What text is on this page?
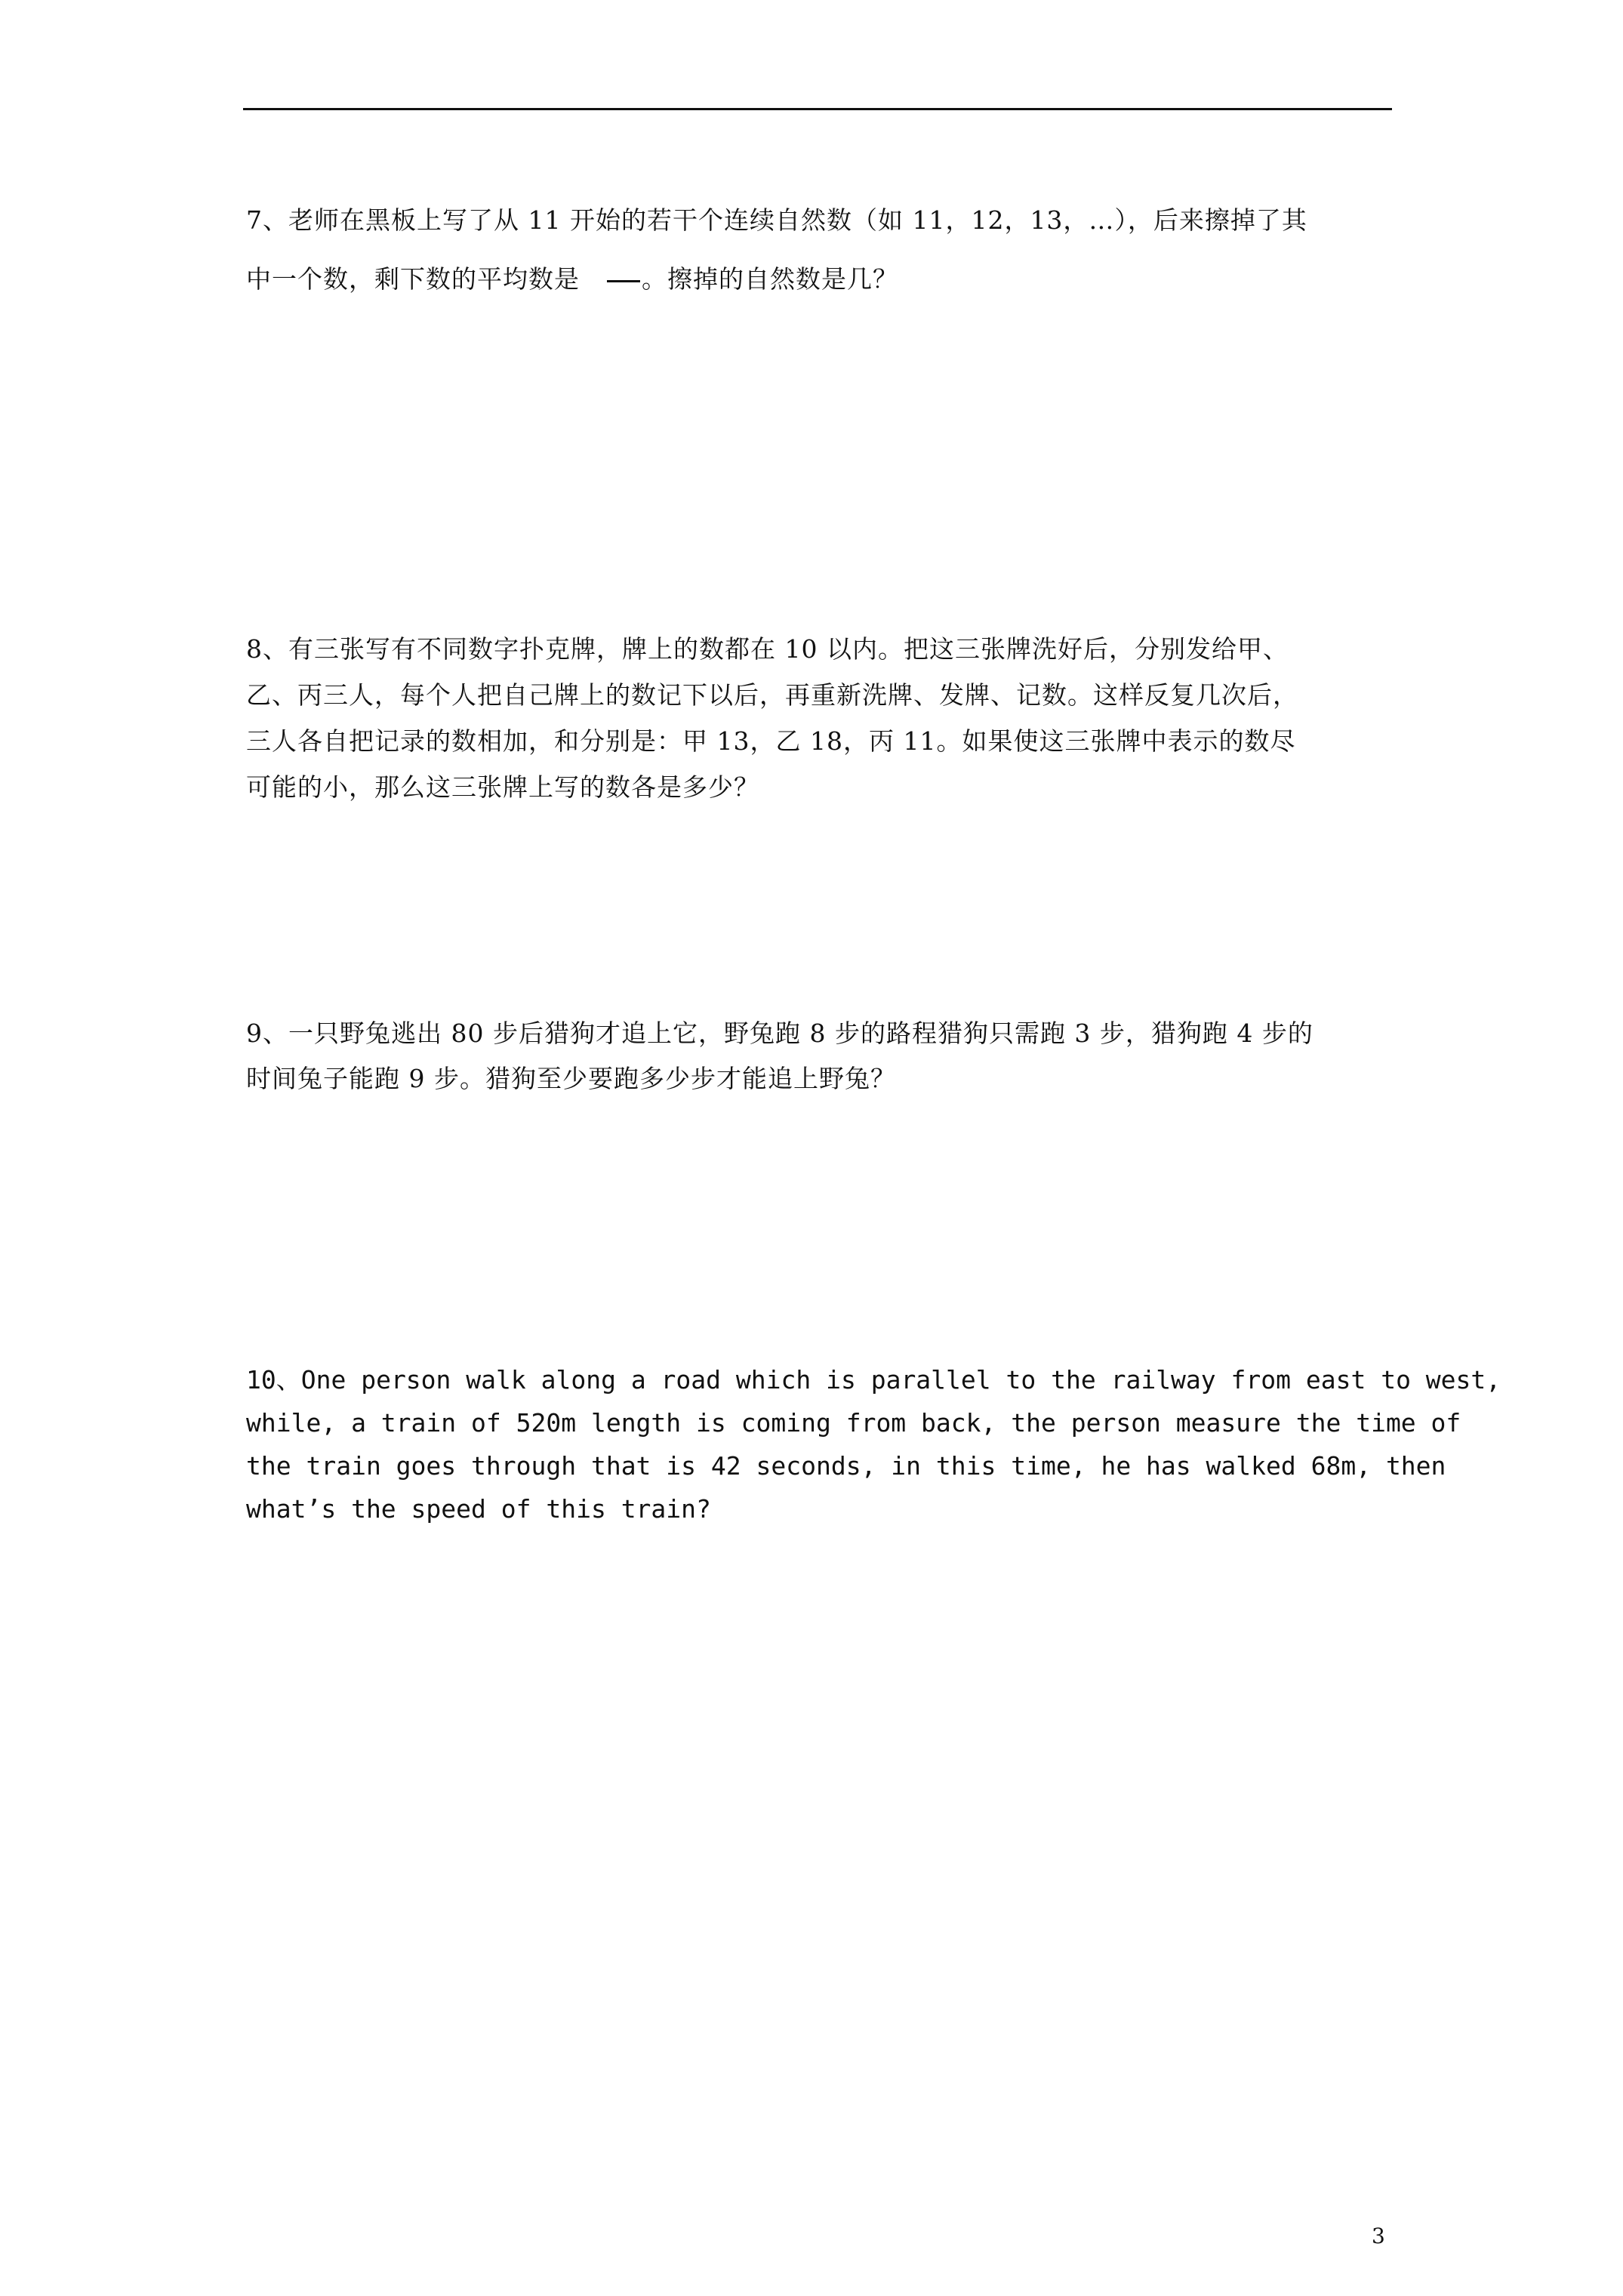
7、老师在黑板上写了从 11 开始的若干个连续自然数（如 11，12，13，…），后来擦掉了其
中一个数，剩下数的平均数是 。擦掉的自然数是几？
8、有三张写有不同数字扑克牌，牌上的数都在 10 以内。把这三张牌洗好后，分别发给甲、
乙、丙三人，每个人把自己牌上的数记下以后，再重新洗牌、发牌、记数。这样反复几次后，
三人各自把记录的数相加，和分别是：甲 13，乙 18，丙 11。如果使这三张牌中表示的数尽
可能的小，那么这三张牌上写的数各是多少？
9、一只野兔逃出 80 步后猎狗才追上它，野兔跑 8 步的路程猎狗只需跑 3 步，猎狗跑 4 步的
时间兔子能跑 9 步。猎狗至少要跑多少步才能追上野兔？
10、One person walk along a road which is parallel to the railway from east to west,
while, a train of 520m length is coming from back, the person measure the time of
the train goes through that is 42 seconds, in this time, he has walked 68m, then
what’s the speed of this train?
3
